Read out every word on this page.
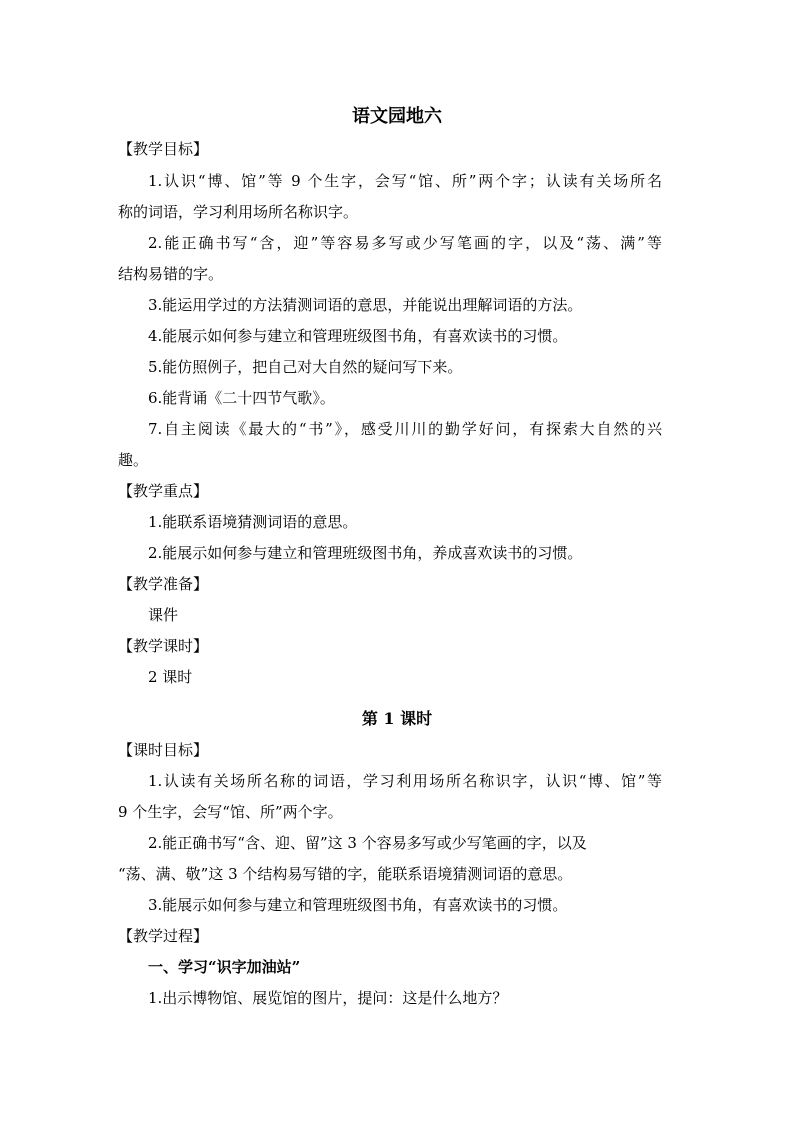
语文园地六
【教学目标】
1.认识“博、馆”等 9 个生字，会写“馆、所”两个字；认读有关场所名
称的词语，学习利用场所名称识字。
2.能正确书写“含，迎”等容易多写或少写笔画的字，以及“荡、满”等
结构易错的字。
3.能运用学过的方法猜测词语的意思，并能说出理解词语的方法。
4.能展示如何参与建立和管理班级图书角，有喜欢读书的习惯。
5.能仿照例子，把自己对大自然的疑问写下来。
6.能背诵《二十四节气歌》。
7.自主阅读《最大的“书”》，感受川川的勤学好问，有探索大自然的兴
趣。
【教学重点】
1.能联系语境猜测词语的意思。
2.能展示如何参与建立和管理班级图书角，养成喜欢读书的习惯。
【教学准备】
课件
【教学课时】
2 课时
第 1 课时
【课时目标】
1.认读有关场所名称的词语，学习利用场所名称识字，认识“博、馆”等
9 个生字，会写“馆、所”两个字。
2.能正确书写“含、迎、留”这 3 个容易多写或少写笔画的字，以及
“荡、满、敬”这 3 个结构易写错的字，能联系语境猜测词语的意思。
3.能展示如何参与建立和管理班级图书角，有喜欢读书的习惯。
【教学过程】
一、学习“识字加油站”
1.出示博物馆、展览馆的图片，提问：这是什么地方？
